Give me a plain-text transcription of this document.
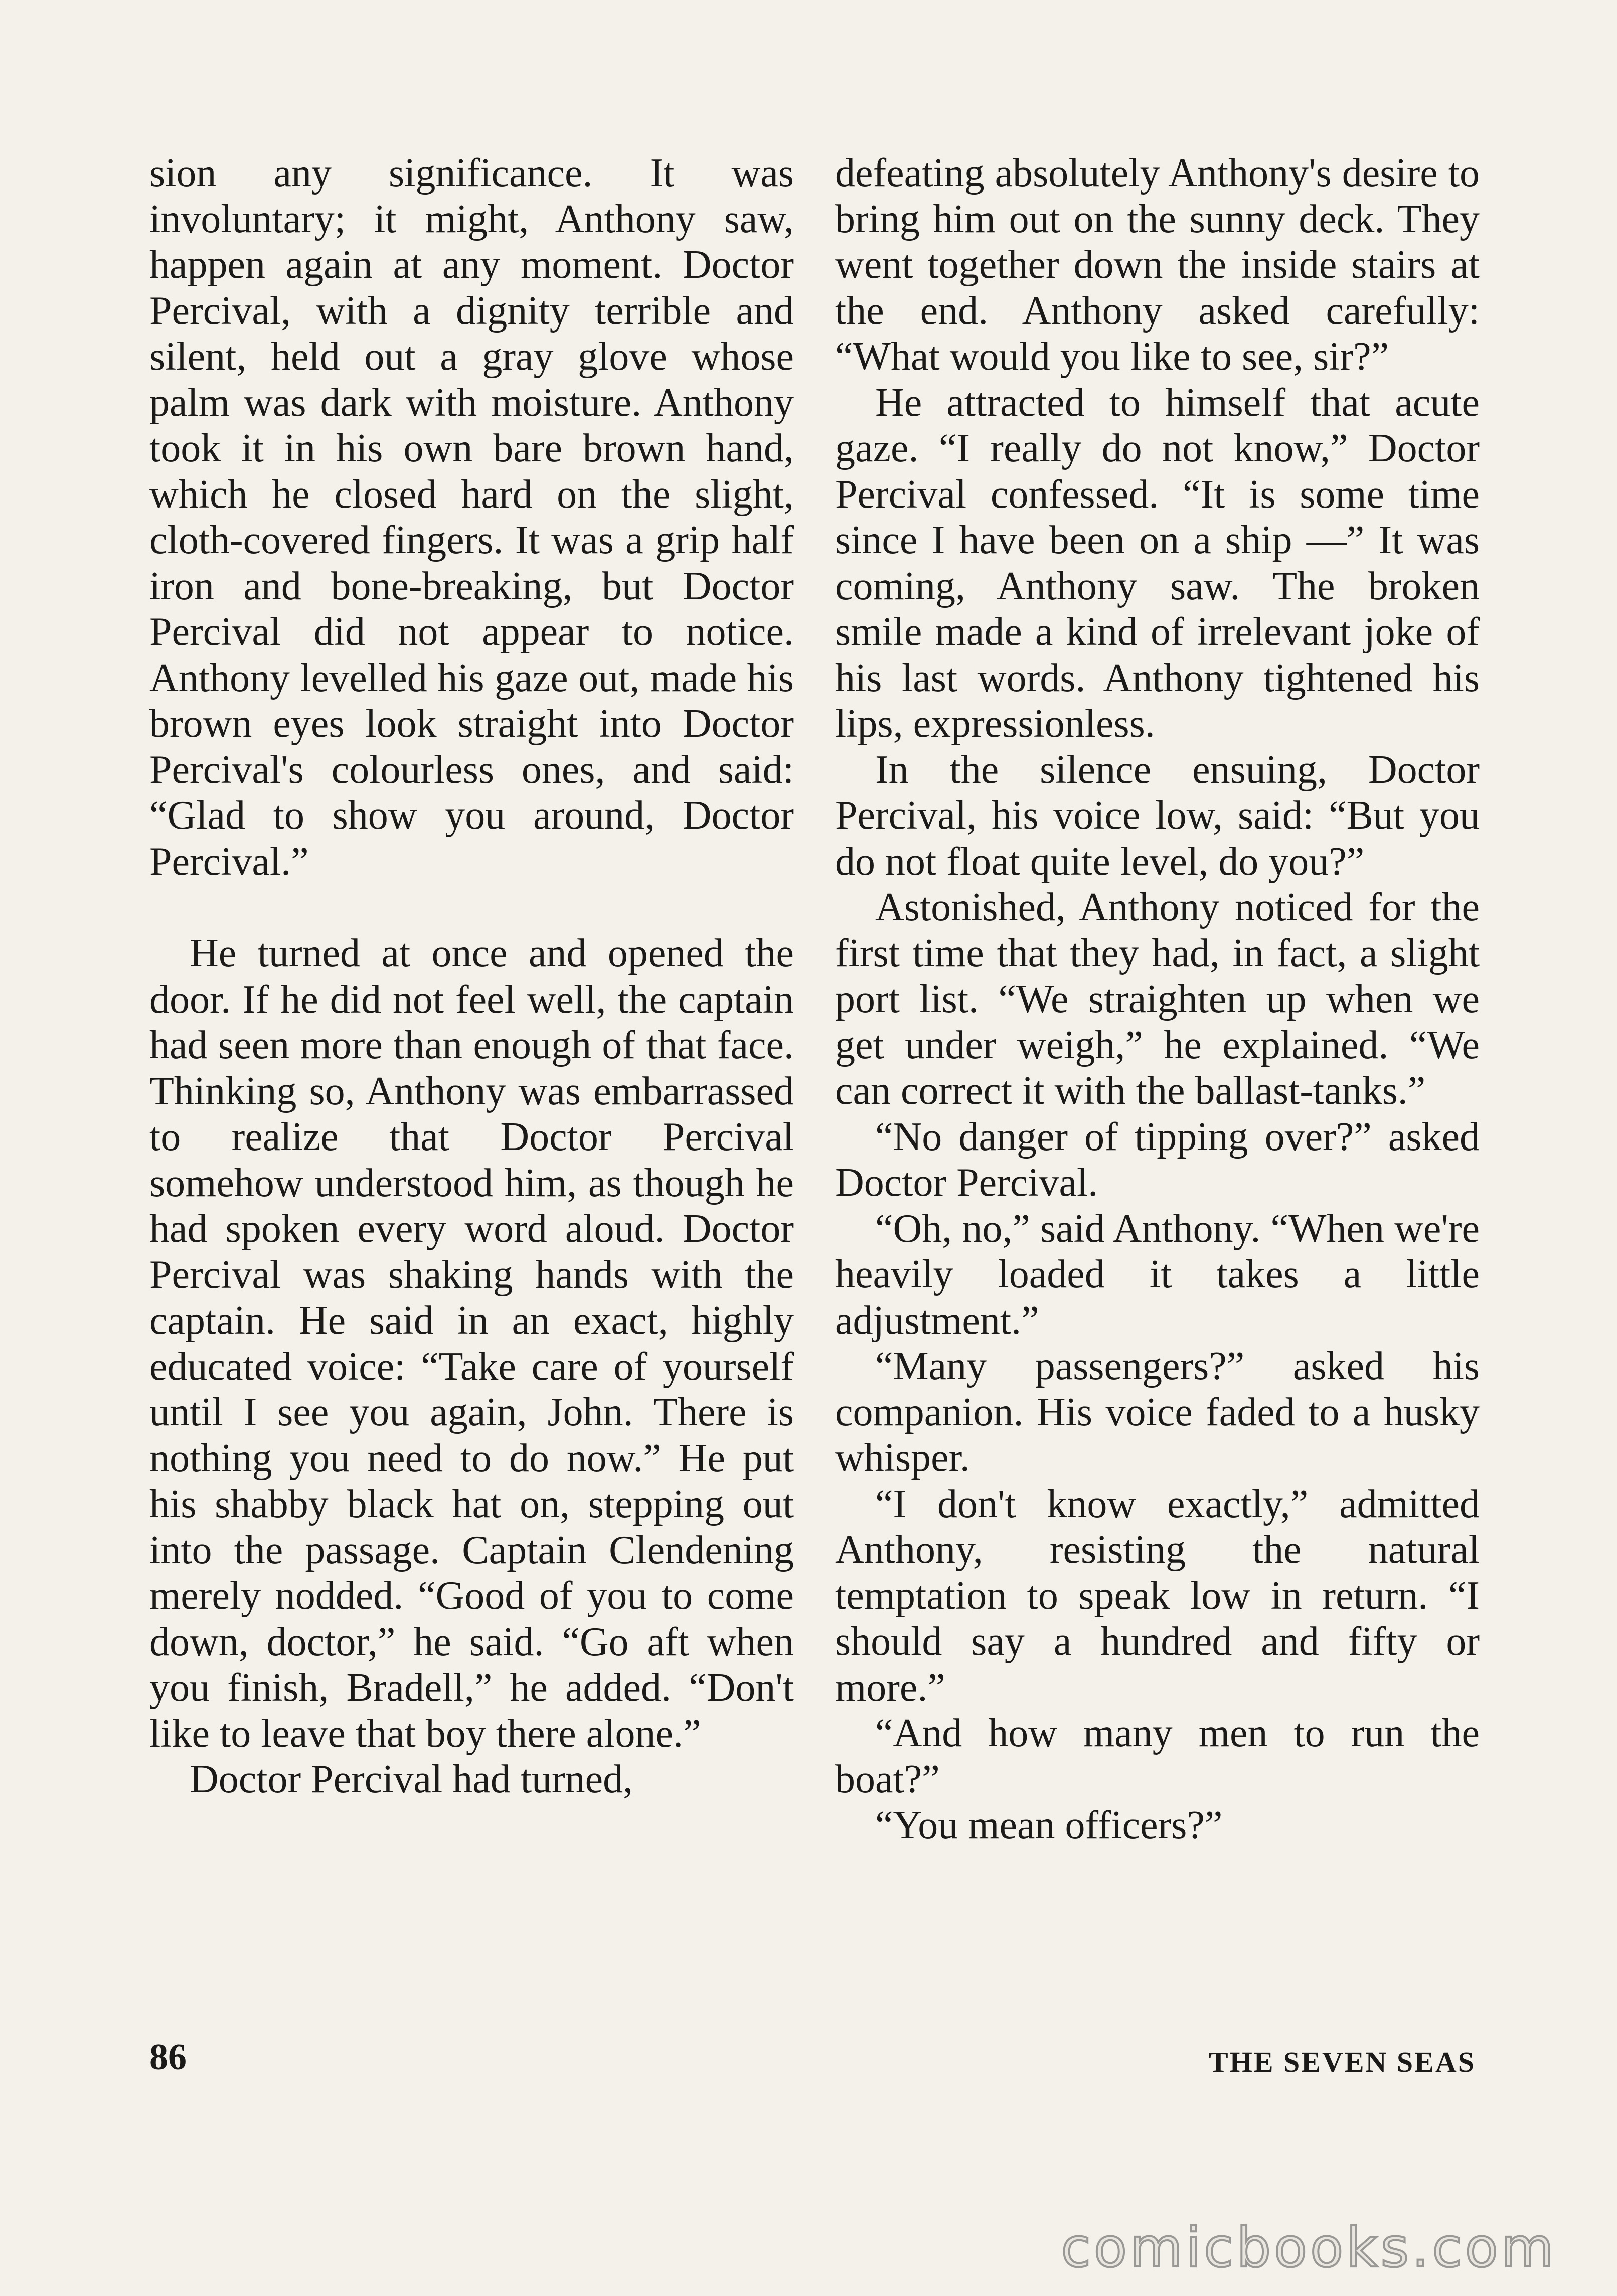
sion any significance. It was involuntary; it might, Anthony saw, happen again at any moment. Doctor Percival, with a dignity terrible and silent, held out a gray glove whose palm was dark with moisture. Anthony took it in his own bare brown hand, which he closed hard on the slight, cloth-covered fingers. It was a grip half iron and bone-breaking, but Doctor Percival did not appear to notice. Anthony levelled his gaze out, made his brown eyes look straight into Doctor Percival's colourless ones, and said: “Glad to show you around, Doctor Percival.”

He turned at once and opened the door. If he did not feel well, the captain had seen more than enough of that face. Thinking so, Anthony was embarrassed to realize that Doctor Percival somehow understood him, as though he had spoken every word aloud. Doctor Percival was shaking hands with the captain. He said in an exact, highly educated voice: “Take care of yourself until I see you again, John. There is nothing you need to do now.” He put his shabby black hat on, stepping out into the passage. Captain Clendening merely nodded. “Good of you to come down, doctor,” he said. “Go aft when you finish, Bradell,” he added. “Don't like to leave that boy there alone.”

Doctor Percival had turned,

defeating absolutely Anthony's desire to bring him out on the sunny deck. They went together down the inside stairs at the end. Anthony asked carefully: “What would you like to see, sir?”

He attracted to himself that acute gaze. “I really do not know,” Doctor Percival confessed. “It is some time since I have been on a ship —” It was coming, Anthony saw. The broken smile made a kind of irrelevant joke of his last words. Anthony tightened his lips, expressionless.

In the silence ensuing, Doctor Percival, his voice low, said: “But you do not float quite level, do you?”

Astonished, Anthony noticed for the first time that they had, in fact, a slight port list. “We straighten up when we get under weigh,” he explained. “We can correct it with the ballast-tanks.”

“No danger of tipping over?” asked Doctor Percival.

“Oh, no,” said Anthony. “When we're heavily loaded it takes a little adjustment.”

“Many passengers?” asked his companion. His voice faded to a husky whisper.

“I don't know exactly,” admitted Anthony, resisting the natural temptation to speak low in return. “I should say a hundred and fifty or more.”

“And how many men to run the boat?”

“You mean officers?”

86	THE SEVEN SEAS
comicbooks.com
